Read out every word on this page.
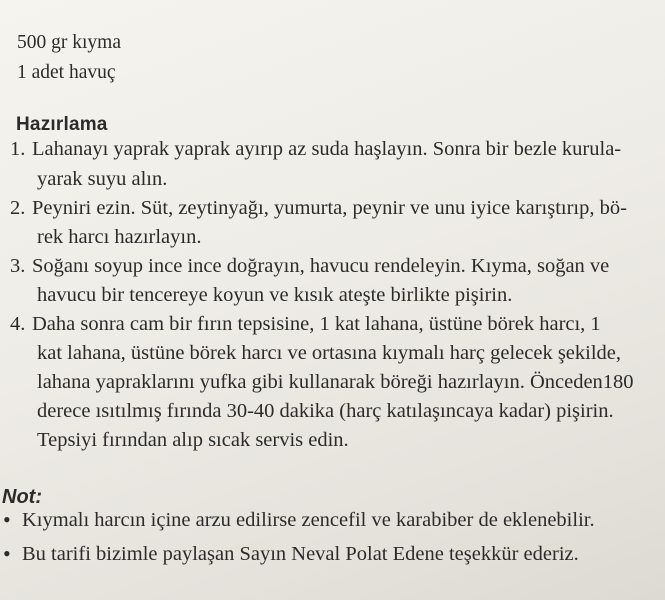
500 gr kıyma
1 adet havuç
Hazırlama
1. Lahanayı yaprak yaprak ayırıp az suda haşlayın. Sonra bir bezle kurula-
yarak suyu alın.
2. Peyniri ezin. Süt, zeytinyağı, yumurta, peynir ve unu iyice karıştırıp, bö-
rek harcı hazırlayın.
3. Soğanı soyup ince ince doğrayın, havucu rendeleyin. Kıyma, soğan ve
havucu bir tencereye koyun ve kısık ateşte birlikte pişirin.
4. Daha sonra cam bir fırın tepsisine, 1 kat lahana, üstüne börek harcı, 1
kat lahana, üstüne börek harcı ve ortasına kıymalı harç gelecek şekilde,
lahana yapraklarını yufka gibi kullanarak böreği hazırlayın. Önceden180
derece ısıtılmış fırında 30-40 dakika (harç katılaşıncaya kadar) pişirin.
Tepsiyi fırından alıp sıcak servis edin.
Not:
• Kıymalı harcın içine arzu edilirse zencefil ve karabiber de eklenebilir.
• Bu tarifi bizimle paylaşan Sayın Neval Polat Edene teşekkür ederiz.
